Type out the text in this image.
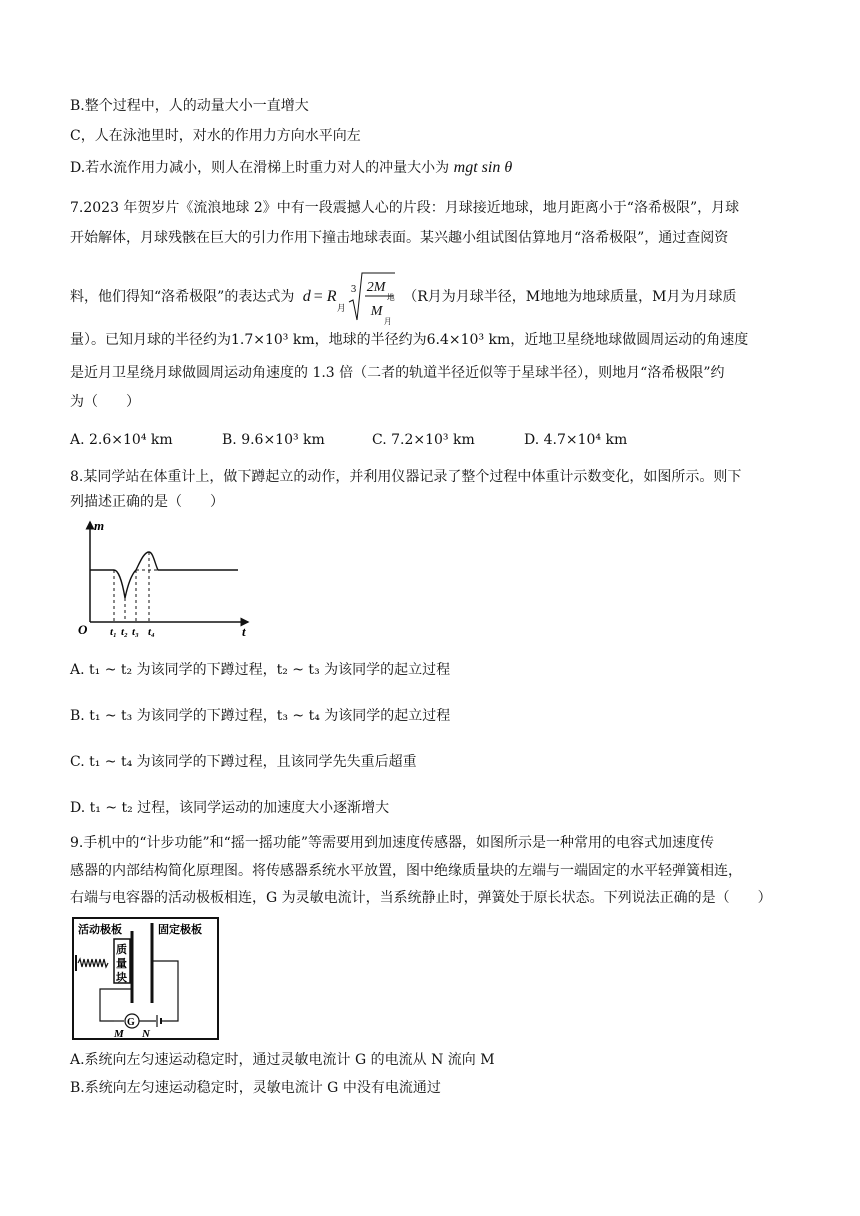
B.整个过程中，人的动量大小一直增大
C，人在泳池里时，对水的作用力方向水平向左
D.若水流作用力减小，则人在滑梯上时重力对人的冲量大小为 mgt sin θ
7.2023 年贺岁片《流浪地球 2》中有一段震撼人心的片段：月球接近地球，地月距离小于“洛希极限”，月球
开始解体，月球残骸在巨大的引力作用下撞击地球表面。某兴趣小组试图估算地月“洛希极限”，通过查阅资
料，他们得知“洛希极限”的表达式为 d = R
月
3 2M
地
M
月
（R月为月球半径，M地地为地球质量，M月为月球质
量）。已知月球的半径约为1.7×10³ km，地球的半径约为6.4×10³ km，近地卫星绕地球做圆周运动的角速度
是近月卫星绕月球做圆周运动角速度的 1.3 倍（二者的轨道半径近似等于星球半径），则地月“洛希极限”约
为（　　）
A. 2.6×10⁴ km	B. 9.6×10³ km	C. 7.2×10³ km	D. 4.7×10⁴ km
8.某同学站在体重计上，做下蹲起立的动作，并利用仪器记录了整个过程中体重计示数变化，如图所示。则下
列描述正确的是（　　）
m
t
O t₁ t₂ t₃ t₄
A. t₁ ~ t₂ 为该同学的下蹲过程，t₂ ~ t₃ 为该同学的起立过程
B. t₁ ~ t₃ 为该同学的下蹲过程，t₃ ~ t₄ 为该同学的起立过程
C. t₁ ~ t₄ 为该同学的下蹲过程，且该同学先失重后超重
D. t₁ ~ t₂ 过程，该同学运动的加速度大小逐渐增大
9.手机中的“计步功能”和“摇一摇功能”等需要用到加速度传感器，如图所示是一种常用的电容式加速度传
感器的内部结构简化原理图。将传感器系统水平放置，图中绝缘质量块的左端与一端固定的水平轻弹簧相连，
右端与电容器的活动极板相连，G 为灵敏电流计，当系统静止时，弹簧处于原长状态。下列说法正确的是（　　）
活动极板	固定极板
质
量
块
G
M N
A.系统向左匀速运动稳定时，通过灵敏电流计 G 的电流从 N 流向 M
B.系统向左匀速运动稳定时，灵敏电流计 G 中没有电流通过
